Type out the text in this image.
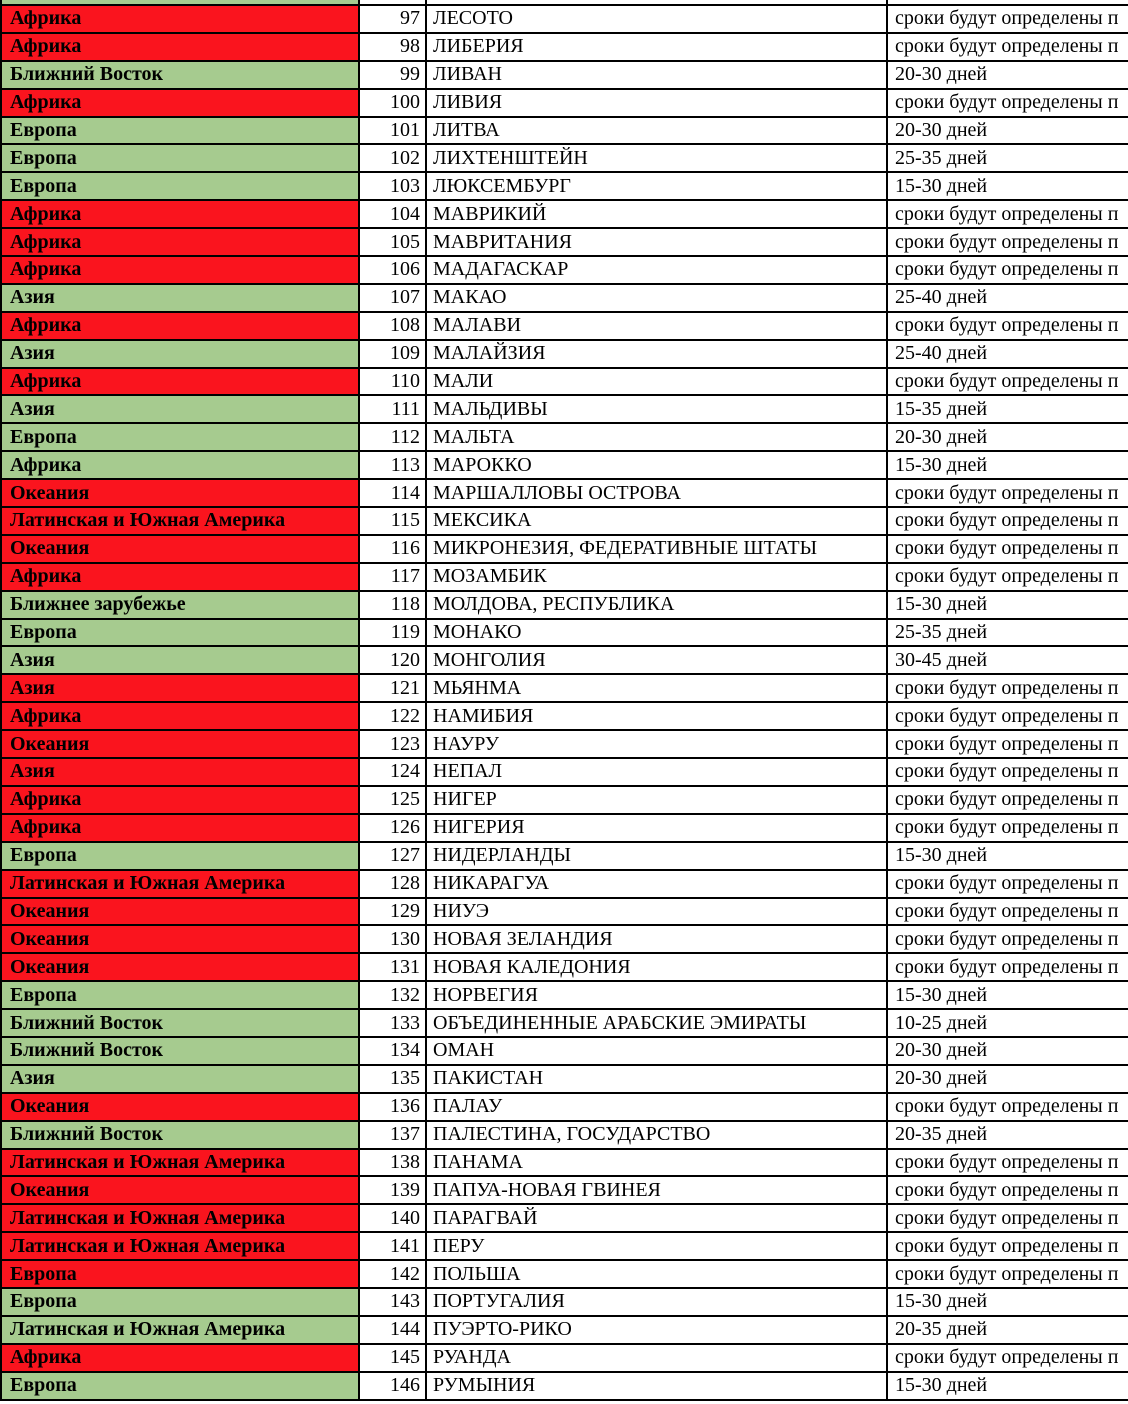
Африка	97 ЛЕСОТО	сроки будут определены п
Африка	98 ЛИБЕРИЯ	сроки будут определены п
Ближний Восток	99 ЛИВАН	20-30 дней
Африка	100 ЛИВИЯ	сроки будут определены п
Европа	101 ЛИТВА	20-30 дней
Европа	102 ЛИХТЕНШТЕЙН	25-35 дней
Европа	103 ЛЮКСЕМБУРГ	15-30 дней
Африка	104 МАВРИКИЙ	сроки будут определены п
Африка	105 МАВРИТАНИЯ	сроки будут определены п
Африка	106 МАДАГАСКАР	сроки будут определены п
Азия	107 МАКАО	25-40 дней
Африка	108 МАЛАВИ	сроки будут определены п
Азия	109 МАЛАЙЗИЯ	25-40 дней
Африка	110 МАЛИ	сроки будут определены п
Азия	111 МАЛЬДИВЫ	15-35 дней
Европа	112 МАЛЬТА	20-30 дней
Африка	113 МАРОККО	15-30 дней
Океания	114 МАРШАЛЛОВЫ ОСТРОВА	сроки будут определены п
Латинская и Южная Америка	115 МЕКСИКА	сроки будут определены п
Океания	116 МИКРОНЕЗИЯ, ФЕДЕРАТИВНЫЕ ШТАТЫ	сроки будут определены п
Африка	117 МОЗАМБИК	сроки будут определены п
Ближнее зарубежье	118 МОЛДОВА, РЕСПУБЛИКА	15-30 дней
Европа	119 МОНАКО	25-35 дней
Азия	120 МОНГОЛИЯ	30-45 дней
Азия	121 МЬЯНМА	сроки будут определены п
Африка	122 НАМИБИЯ	сроки будут определены п
Океания	123 НАУРУ	сроки будут определены п
Азия	124 НЕПАЛ	сроки будут определены п
Африка	125 НИГЕР	сроки будут определены п
Африка	126 НИГЕРИЯ	сроки будут определены п
Европа	127 НИДЕРЛАНДЫ	15-30 дней
Латинская и Южная Америка	128 НИКАРАГУА	сроки будут определены п
Океания	129 НИУЭ	сроки будут определены п
Океания	130 НОВАЯ ЗЕЛАНДИЯ	сроки будут определены п
Океания	131 НОВАЯ КАЛЕДОНИЯ	сроки будут определены п
Европа	132 НОРВЕГИЯ	15-30 дней
Ближний Восток	133 ОБЪЕДИНЕННЫЕ АРАБСКИЕ ЭМИРАТЫ	10-25 дней
Ближний Восток	134 ОМАН	20-30 дней
Азия	135 ПАКИСТАН	20-30 дней
Океания	136 ПАЛАУ	сроки будут определены п
Ближний Восток	137 ПАЛЕСТИНА, ГОСУДАРСТВО	20-35 дней
Латинская и Южная Америка	138 ПАНАМА	сроки будут определены п
Океания	139 ПАПУА-НОВАЯ ГВИНЕЯ	сроки будут определены п
Латинская и Южная Америка	140 ПАРАГВАЙ	сроки будут определены п
Латинская и Южная Америка	141 ПЕРУ	сроки будут определены п
Европа	142 ПОЛЬША	сроки будут определены п
Европа	143 ПОРТУГАЛИЯ	15-30 дней
Латинская и Южная Америка	144 ПУЭРТО-РИКО	20-35 дней
Африка	145 РУАНДА	сроки будут определены п
Европа	146 РУМЫНИЯ	15-30 дней
